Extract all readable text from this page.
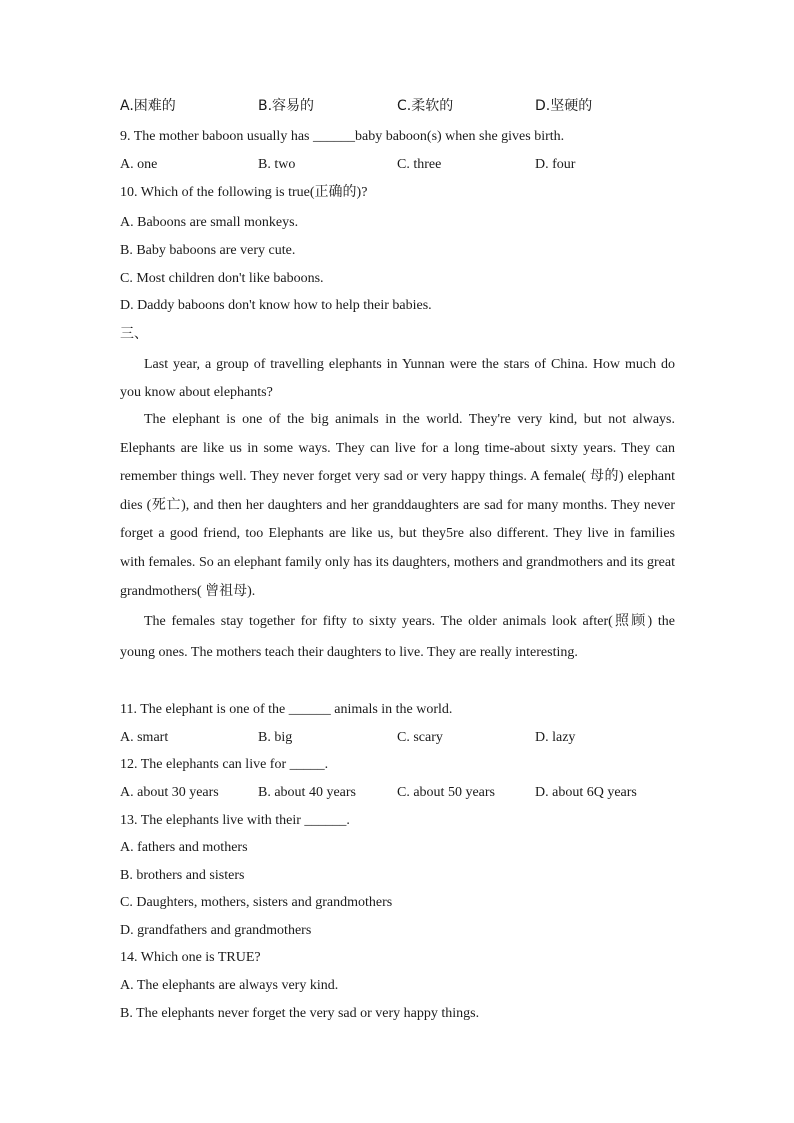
A.困难的	B.容易的	C.柔软的	D.坚硬的
9. The mother baboon usually has ______baby baboon(s) when she gives birth.
A. one	B. two	C. three	D. four
10. Which of the following is true(正确的)?
A. Baboons are small monkeys.
B. Baby baboons are very cute.
C. Most children don't like baboons.
D. Daddy baboons don't know how to help their babies.
三、

Last year, a group of travelling elephants in Yunnan were the stars of China. How much do you know about elephants?

The elephant is one of the big animals in the world. They're very kind, but not always. Elephants are like us in some ways. They can live for a long time-about sixty years. They can remember things well. They never forget very sad or very happy things. A female( 母的) elephant dies (死亡), and then her daughters and her granddaughters are sad for many months. They never forget a good friend, too Elephants are like us, but they5re also different. They live in families with females. So an elephant family only has its daughters, mothers and grandmothers and its great grandmothers( 曾祖母).

The females stay together for fifty to sixty years. The older animals look after(照顾) the young ones. The mothers teach their daughters to live. They are really interesting.

11. The elephant is one of the ______ animals in the world.
A. smart	B. big	C. scary	D. lazy
12. The elephants can live for _____.
A. about 30 years	B. about 40 years	C. about 50 years	D. about 6Q years
13. The elephants live with their ______.
A. fathers and mothers
B. brothers and sisters
C. Daughters, mothers, sisters and grandmothers
D. grandfathers and grandmothers
14. Which one is TRUE?
A. The elephants are always very kind.
B. The elephants never forget the very sad or very happy things.
